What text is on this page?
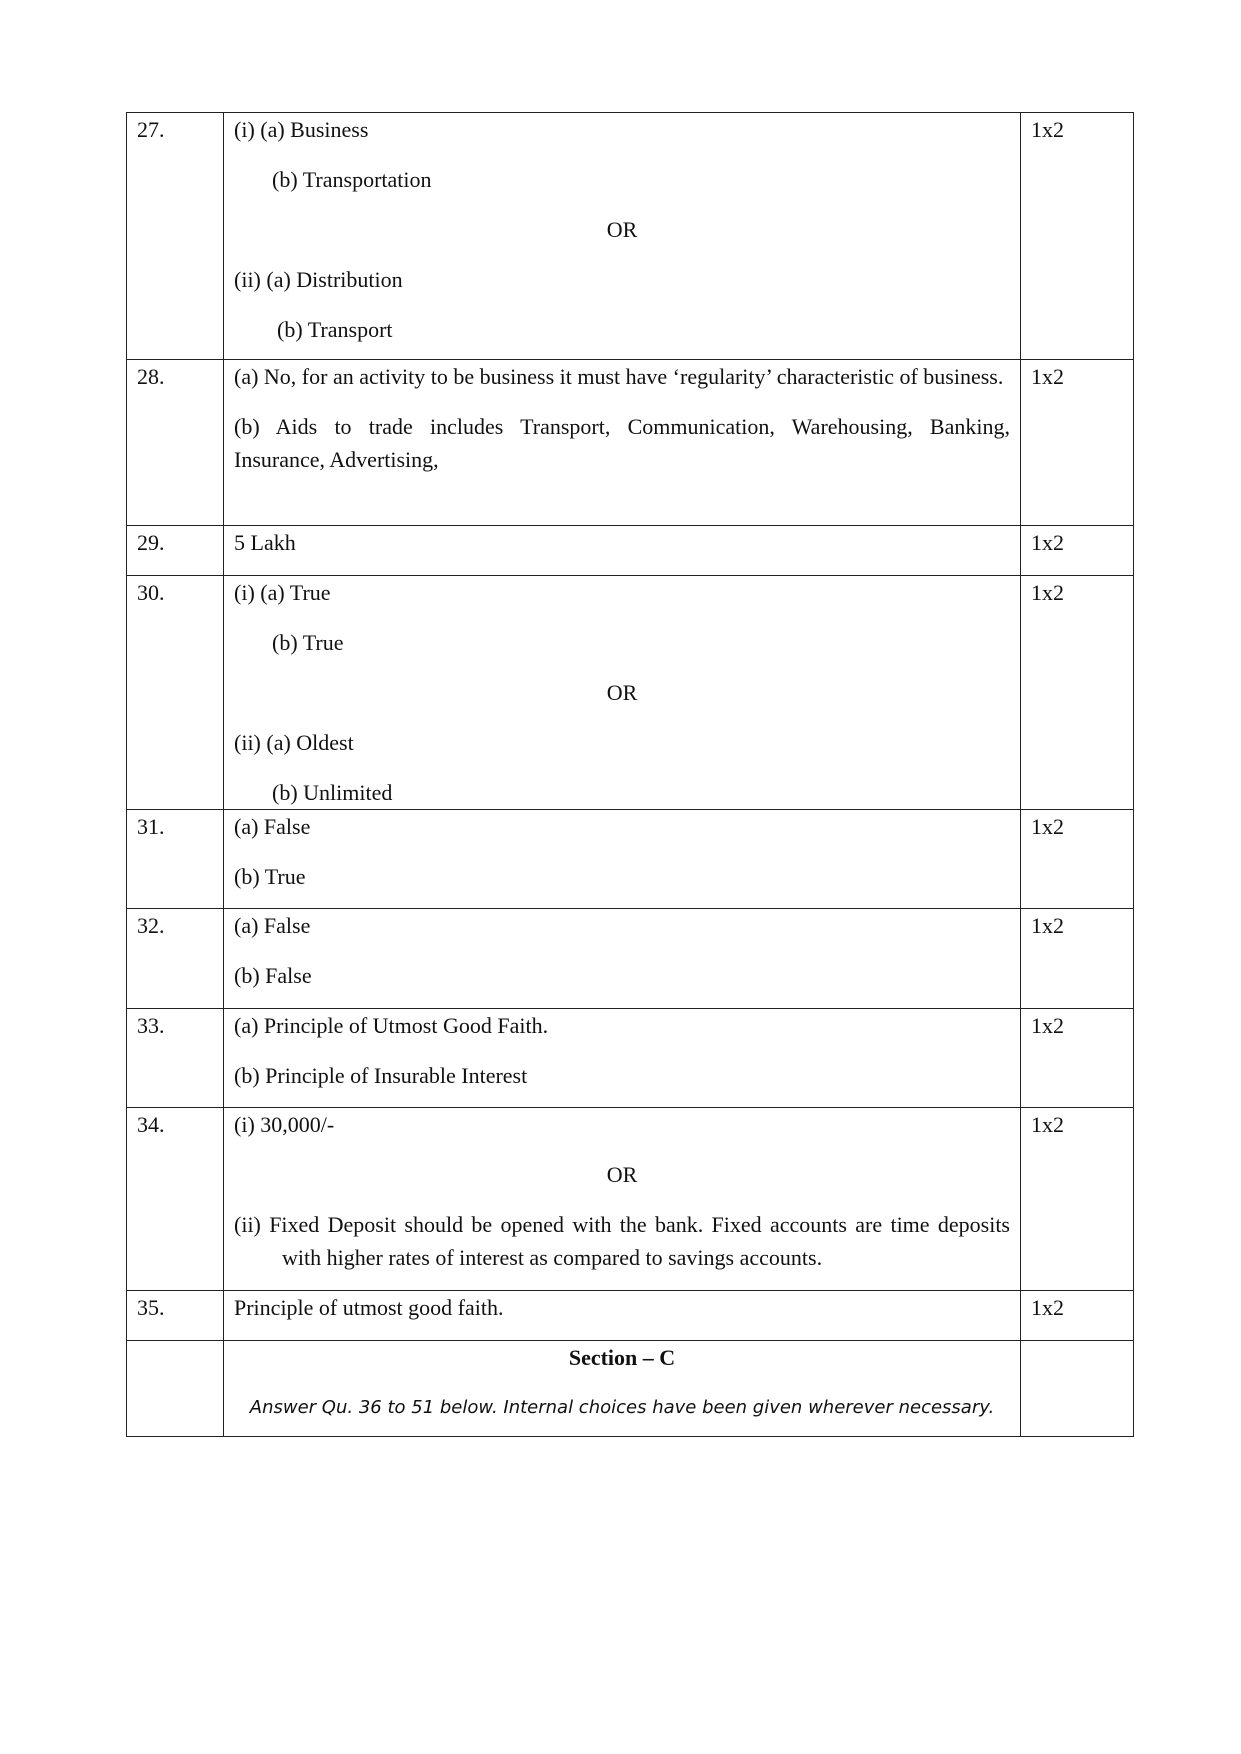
27.	(i) (a) Business
(b) Transportation
OR
(ii) (a) Distribution
(b) Transport	1x2
28.	(a) No, for an activity to be business it must have ‘regularity’ characteristic of business.
(b) Aids to trade includes Transport, Communication, Warehousing, Banking, Insurance, Advertising,	1x2
29.	5 Lakh	1x2
30.	(i) (a) True
(b) True
OR
(ii) (a) Oldest
(b) Unlimited	1x2
31.	(a) False
(b) True	1x2
32.	(a) False
(b) False	1x2
33.	(a) Principle of Utmost Good Faith.
(b) Principle of Insurable Interest	1x2
34.	(i) 30,000/-
OR
(ii) Fixed Deposit should be opened with the bank. Fixed accounts are time deposits with higher rates of interest as compared to savings accounts.	1x2
35.	Principle of utmost good faith.	1x2

	Section – C
Answer Qu. 36 to 51 below. Internal choices have been given wherever necessary.	
